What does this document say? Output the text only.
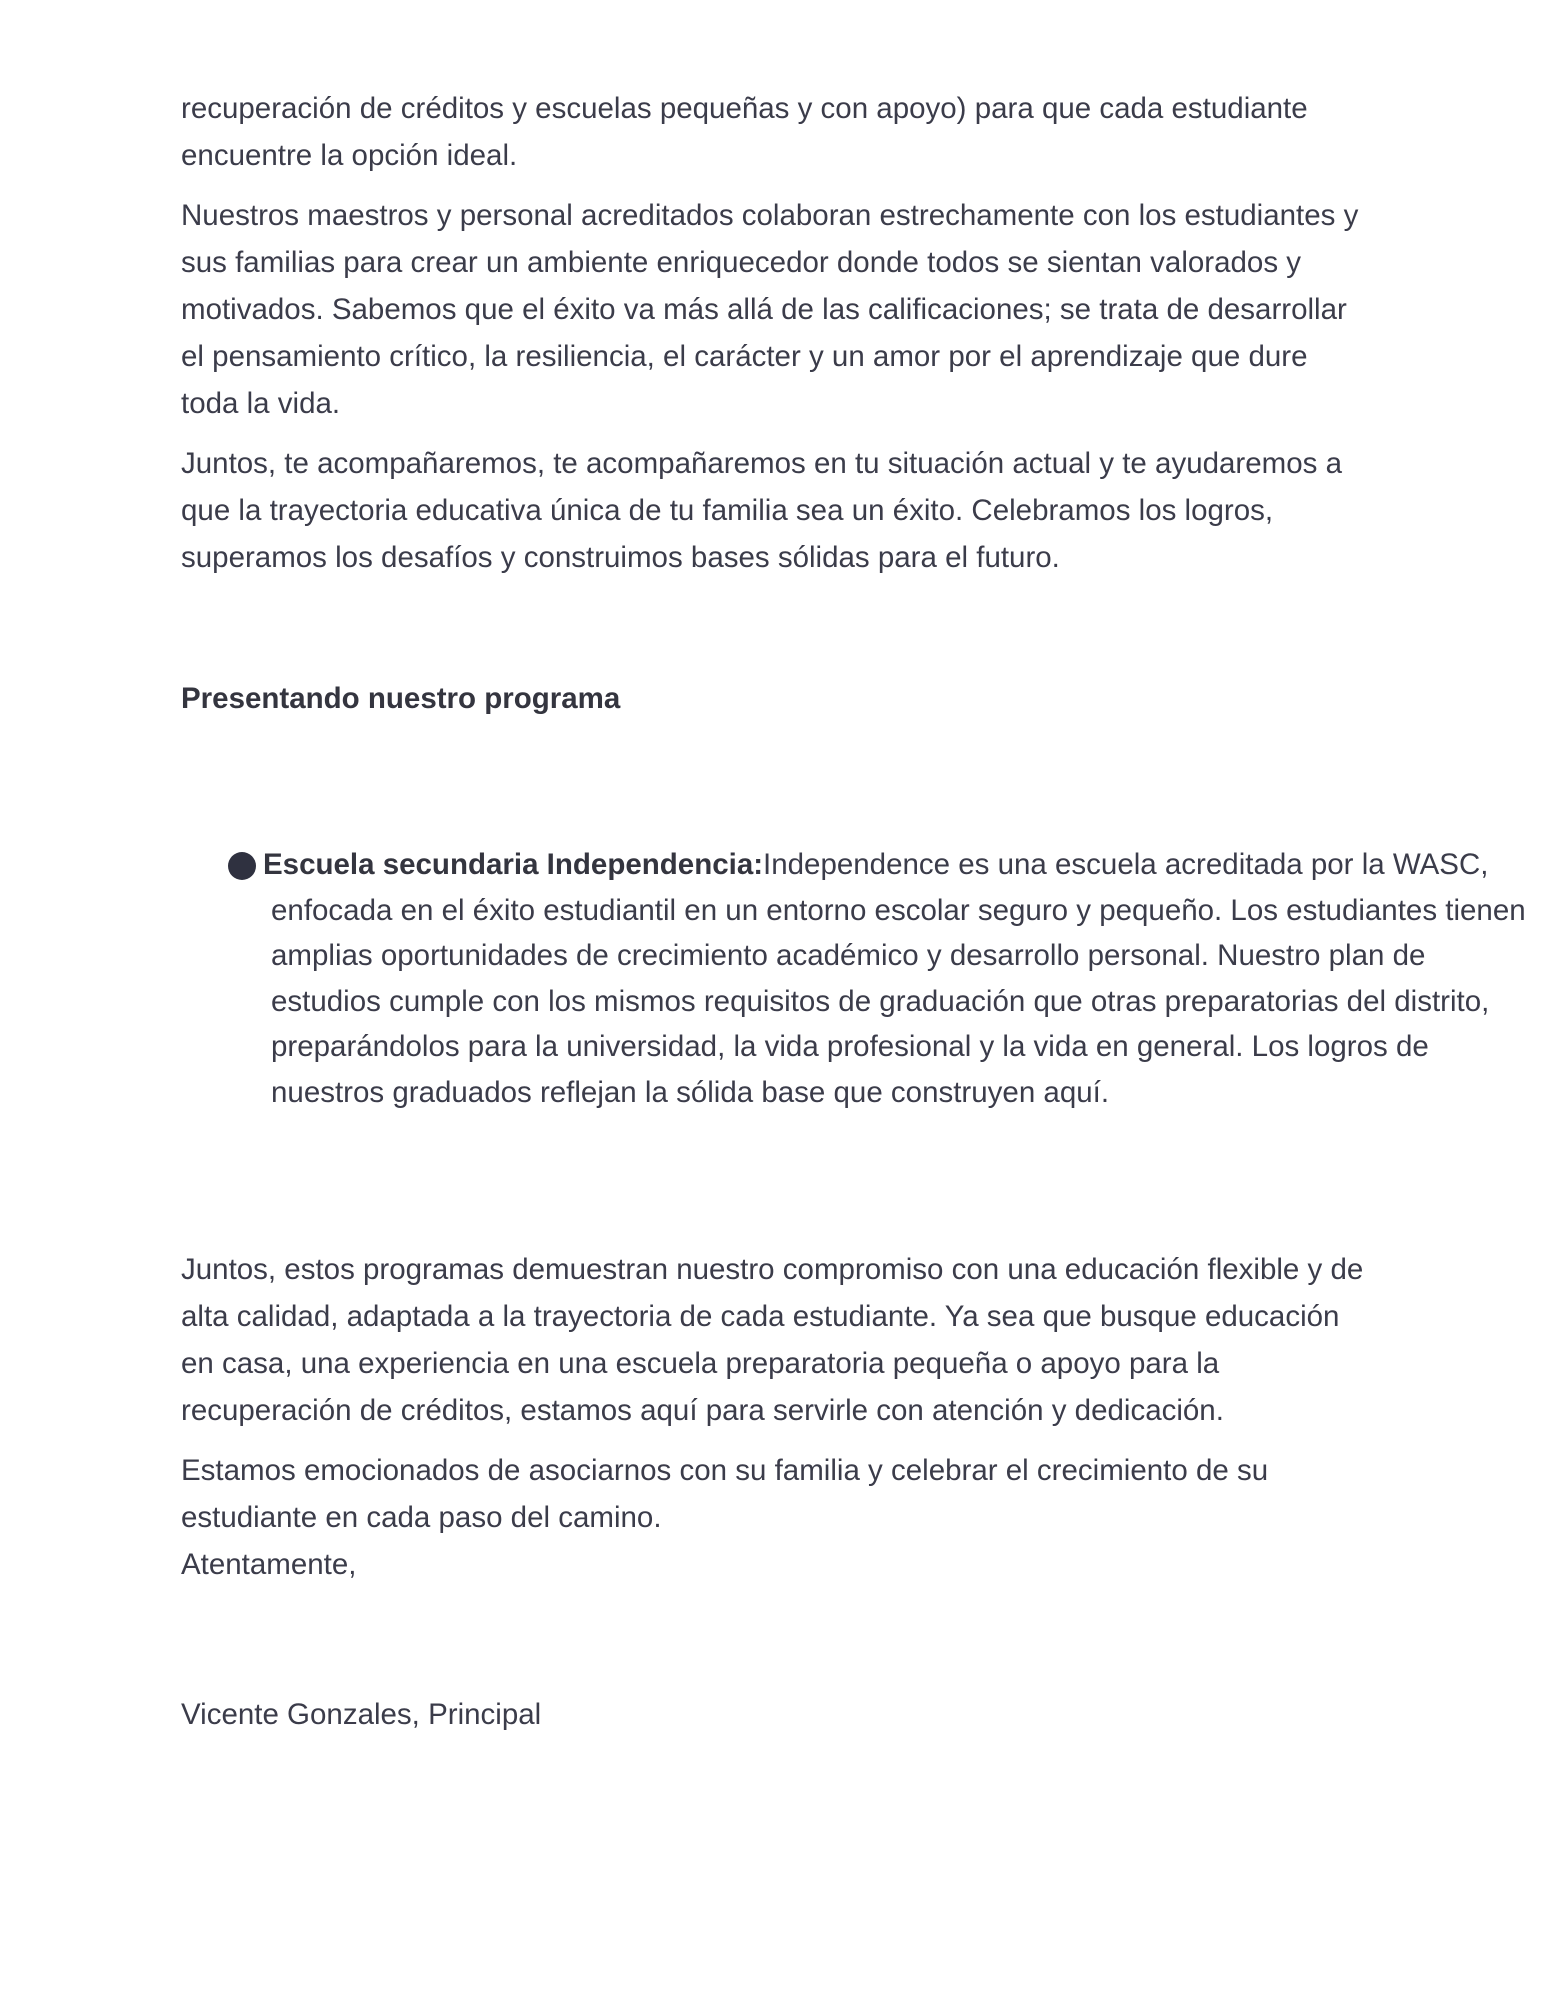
recuperación de créditos y escuelas pequeñas y con apoyo) para que cada estudiante encuentre la opción ideal.

Nuestros maestros y personal acreditados colaboran estrechamente con los estudiantes y sus familias para crear un ambiente enriquecedor donde todos se sientan valorados y motivados. Sabemos que el éxito va más allá de las calificaciones; se trata de desarrollar el pensamiento crítico, la resiliencia, el carácter y un amor por el aprendizaje que dure toda la vida.

Juntos, te acompañaremos, te acompañaremos en tu situación actual y te ayudaremos a que la trayectoria educativa única de tu familia sea un éxito. Celebramos los logros, superamos los desafíos y construimos bases sólidas para el futuro.

Presentando nuestro programa

Escuela secundaria Independencia:Independence es una escuela acreditada por la WASC, enfocada en el éxito estudiantil en un entorno escolar seguro y pequeño. Los estudiantes tienen amplias oportunidades de crecimiento académico y desarrollo personal. Nuestro plan de estudios cumple con los mismos requisitos de graduación que otras preparatorias del distrito, preparándolos para la universidad, la vida profesional y la vida en general. Los logros de nuestros graduados reflejan la sólida base que construyen aquí.

Juntos, estos programas demuestran nuestro compromiso con una educación flexible y de alta calidad, adaptada a la trayectoria de cada estudiante. Ya sea que busque educación en casa, una experiencia en una escuela preparatoria pequeña o apoyo para la recuperación de créditos, estamos aquí para servirle con atención y dedicación.

Estamos emocionados de asociarnos con su familia y celebrar el crecimiento de su estudiante en cada paso del camino.

Atentamente,

Vicente Gonzales, Principal
